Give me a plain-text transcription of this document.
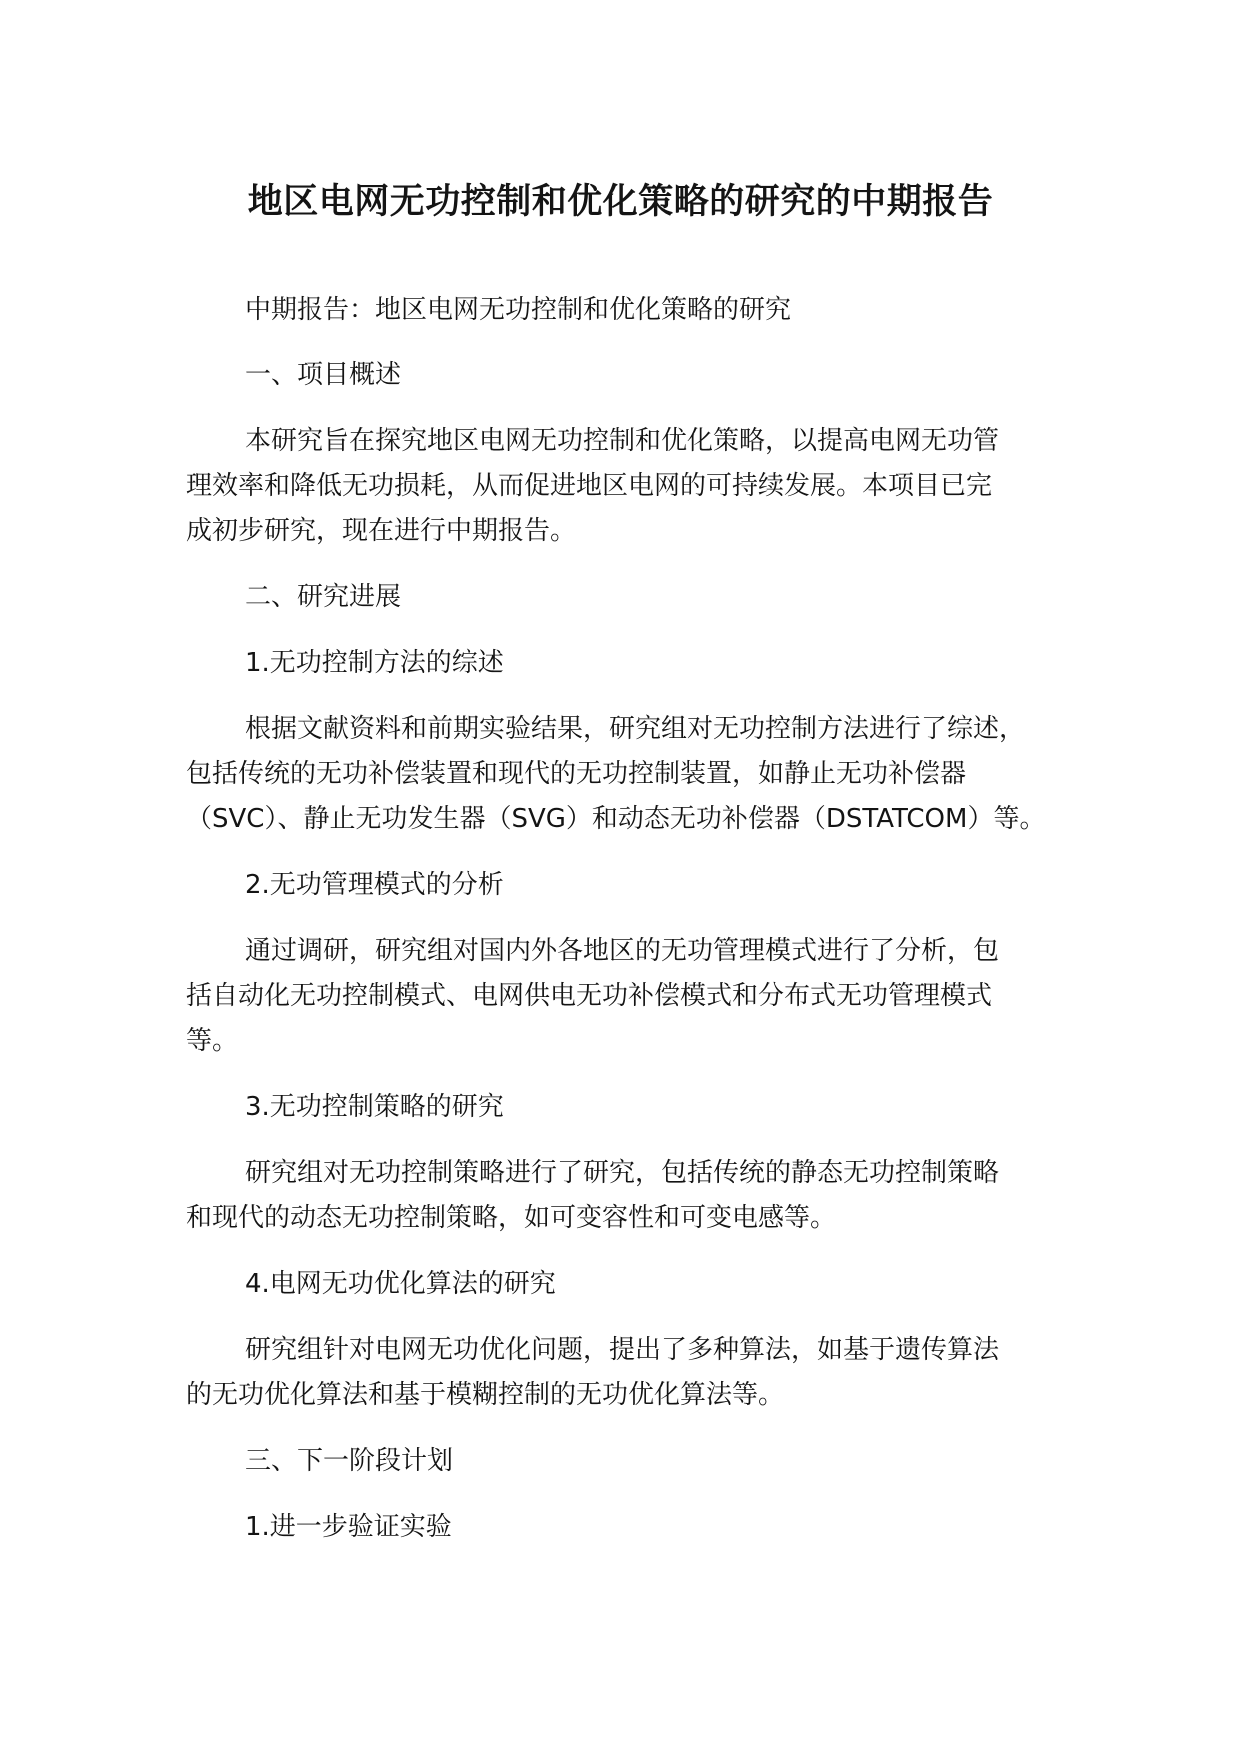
地区电网无功控制和优化策略的研究的中期报告
中期报告：地区电网无功控制和优化策略的研究
一、项目概述
本研究旨在探究地区电网无功控制和优化策略，以提高电网无功管
理效率和降低无功损耗，从而促进地区电网的可持续发展。本项目已完
成初步研究，现在进行中期报告。
二、研究进展
1.无功控制方法的综述
根据文献资料和前期实验结果，研究组对无功控制方法进行了综述，
包括传统的无功补偿装置和现代的无功控制装置，如静止无功补偿器
（SVC）、静止无功发生器（SVG）和动态无功补偿器（DSTATCOM）等。
2.无功管理模式的分析
通过调研，研究组对国内外各地区的无功管理模式进行了分析，包
括自动化无功控制模式、电网供电无功补偿模式和分布式无功管理模式
等。
3.无功控制策略的研究
研究组对无功控制策略进行了研究，包括传统的静态无功控制策略
和现代的动态无功控制策略，如可变容性和可变电感等。
4.电网无功优化算法的研究
研究组针对电网无功优化问题，提出了多种算法，如基于遗传算法
的无功优化算法和基于模糊控制的无功优化算法等。
三、下一阶段计划
1.进一步验证实验
